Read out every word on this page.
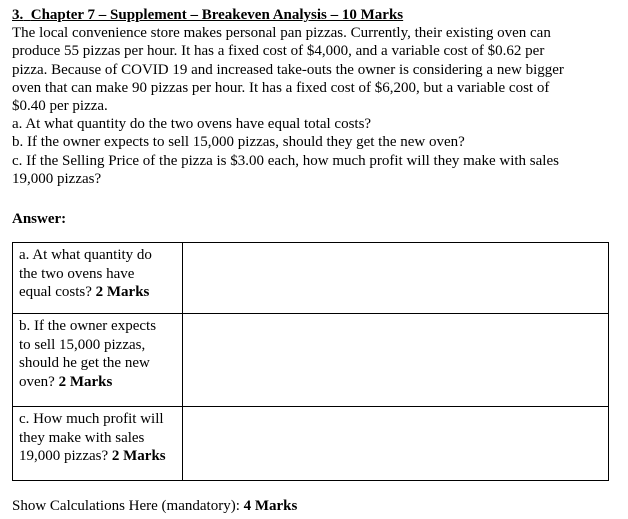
3. Chapter 7 – Supplement – Breakeven Analysis – 10 Marks

The local convenience store makes personal pan pizzas. Currently, their existing oven can
produce 55 pizzas per hour. It has a fixed cost of $4,000, and a variable cost of $0.62 per
pizza. Because of COVID 19 and increased take-outs the owner is considering a new bigger
oven that can make 90 pizzas per hour. It has a fixed cost of $6,200, but a variable cost of
$0.40 per pizza.
a. At what quantity do the two ovens have equal total costs?
b. If the owner expects to sell 15,000 pizzas, should they get the new oven?
c. If the Selling Price of the pizza is $3.00 each, how much profit will they make with sales
19,000 pizzas?
Answer:
a. At what quantity do
the two ovens have
equal costs? 2 Marks	
b. If the owner expects
to sell 15,000 pizzas,
should he get the new
oven? 2 Marks	
c. How much profit will
they make with sales
19,000 pizzas? 2 Marks	

Show Calculations Here (mandatory): 4 Marks
